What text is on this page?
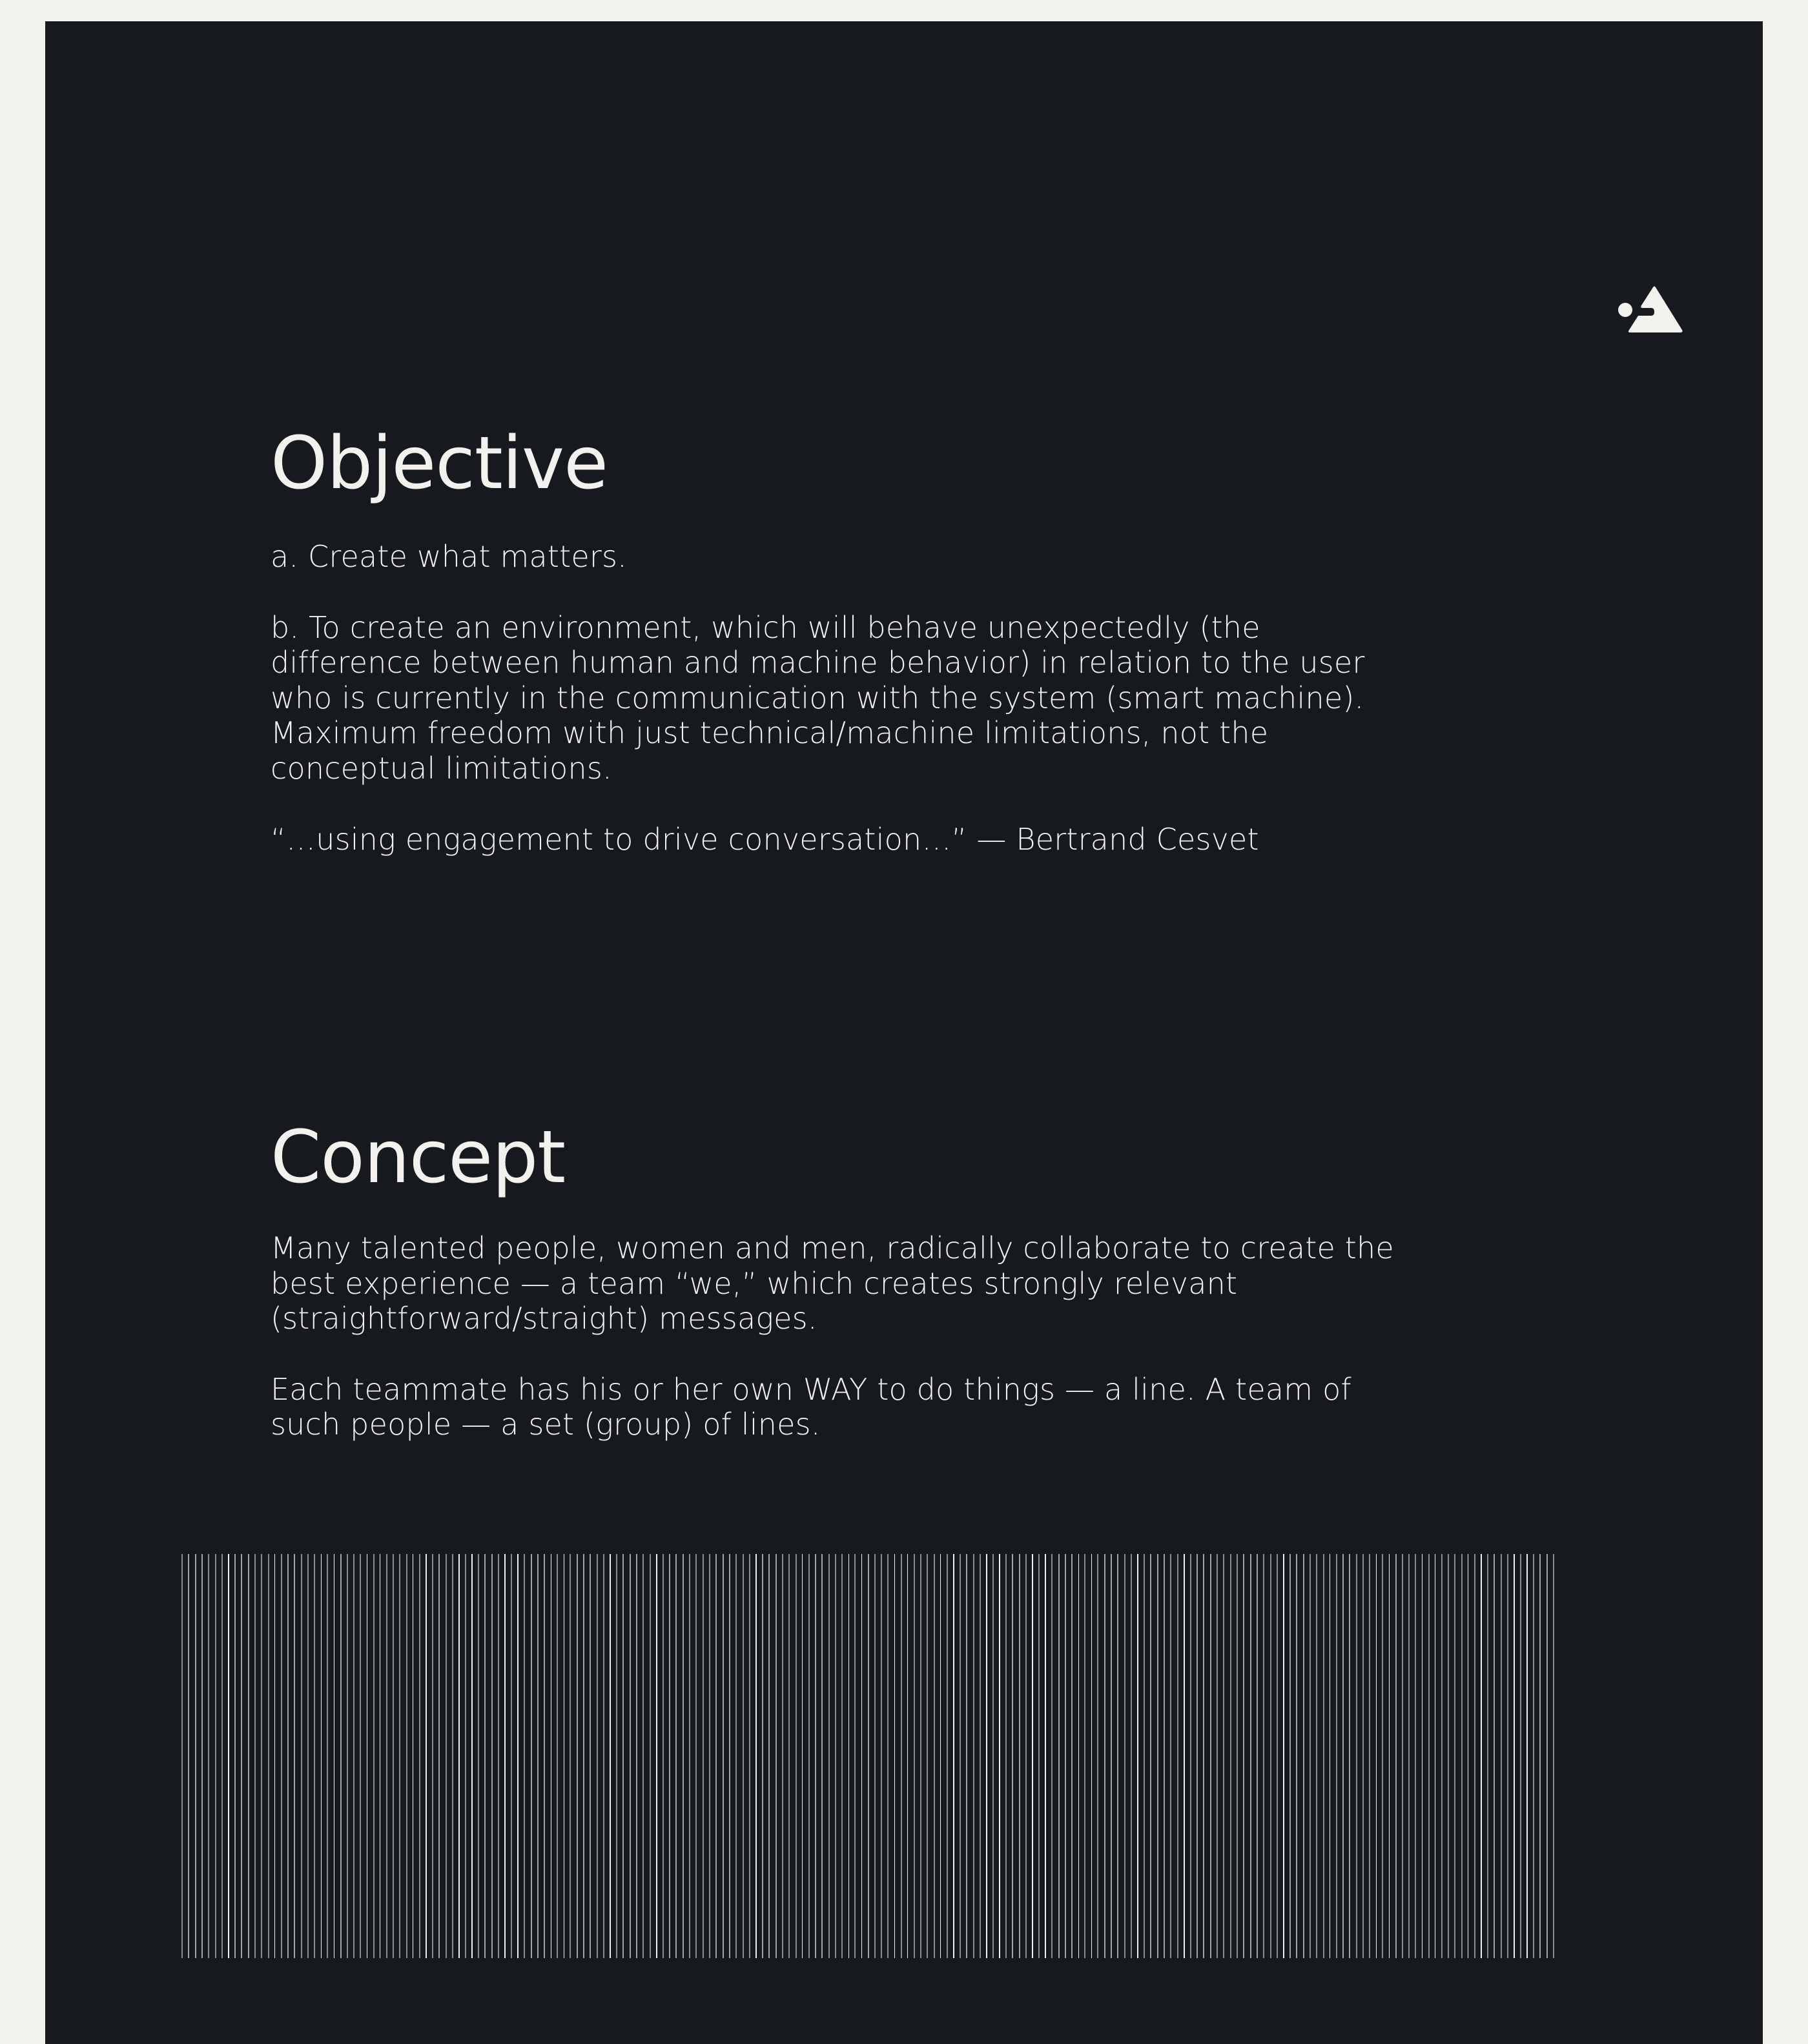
Objective

a. Create what matters.

b. To create an environment, which will behave unexpectedly (the difference between human and machine behavior) in relation to the user who is currently in the communication with the system (smart machine). Maximum freedom with just technical/machine limitations, not the conceptual limitations.

“…using engagement to drive conversation…” — Bertrand Cesvet

Concept

Many talented people, women and men, radically collaborate to create the best experience — a team “we,” which creates strongly relevant (straightforward/straight) messages.

Each teammate has his or her own WAY to do things — a line. A team of such people — a set (group) of lines.
